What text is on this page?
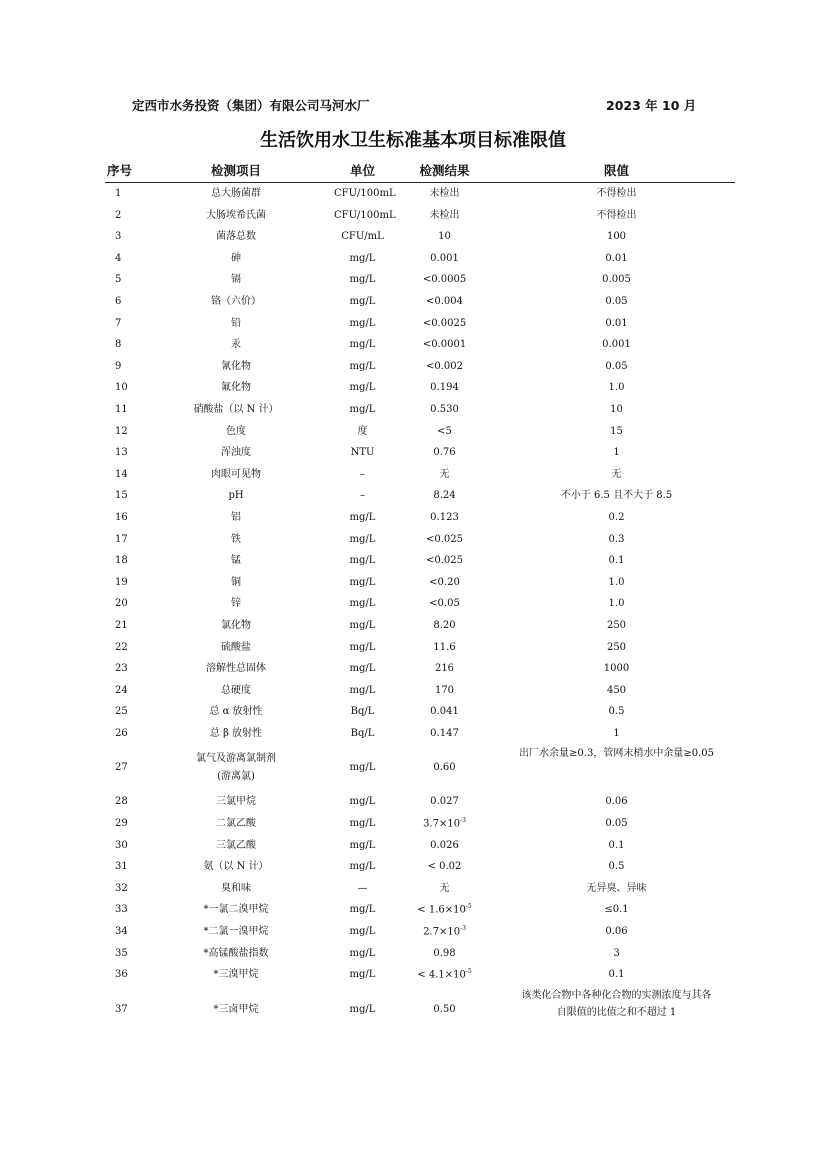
定西市水务投资（集团）有限公司马河水厂	2023 年 10 月
生活饮用水卫生标准基本项目标准限值
序号	检测项目	单位	检测结果	限值
1	总大肠菌群	CFU/100mL	未检出	不得检出
2	大肠埃希氏菌	CFU/100mL	未检出	不得检出
3	菌落总数	CFU/mL	10	100
4	砷	mg/L	0.001	0.01
5	镉	mg/L	<0.0005	0.005
6	铬（六价）	mg/L	<0.004	0.05
7	铅	mg/L	<0.0025	0.01
8	汞	mg/L	<0.0001	0.001
9	氰化物	mg/L	<0.002	0.05
10	氟化物	mg/L	0.194	1.0
11	硝酸盐（以 N 计）	mg/L	0.530	10
12	色度	度	<5	15
13	浑浊度	NTU	0.76	1
14	肉眼可见物	–	无	无
15	pH	–	8.24	不小于 6.5 且不大于 8.5
16	铝	mg/L	0.123	0.2
17	铁	mg/L	<0.025	0.3
18	锰	mg/L	<0.025	0.1
19	铜	mg/L	<0.20	1.0
20	锌	mg/L	<0.05	1.0
21	氯化物	mg/L	8.20	250
22	硫酸盐	mg/L	11.6	250
23	溶解性总固体	mg/L	216	1000
24	总硬度	mg/L	170	450
25	总 α 放射性	Bq/L	0.041	0.5
26	总 β 放射性	Bq/L	0.147	1
27	氯气及游离氯制剂
(游离氯)	mg/L	0.60	出厂水余量≥0.3，管网末梢水中余量≥0.05
28	三氯甲烷	mg/L	0.027	0.06
29	二氯乙酸	mg/L	$3.7\times 10^{-3}$	0.05
30	三氯乙酸	mg/L	0.026	0.1
31	氨（以 N 计）	mg/L	< 0.02	0.5
32	臭和味	—	无	无异臭、异味
33	*一氯二溴甲烷	mg/L	< $1.6\times 10^{-5}$	≤0.1
34	*二氯一溴甲烷	mg/L	$2.7\times 10^{-3}$	0.06
35	*高锰酸盐指数	mg/L	0.98	3
36	*三溴甲烷	mg/L	< $4.1\times 10^{-5}$	0.1
37	*三卤甲烷	mg/L	0.50	该类化合物中各种化合物的实测浓度与其各
自限值的比值之和不超过 1
